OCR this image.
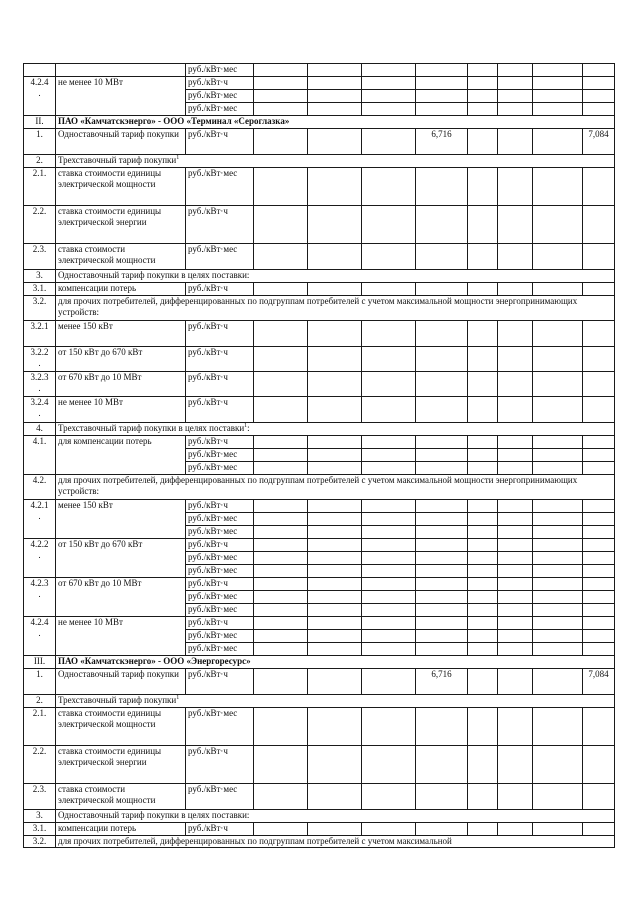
		руб./кВт·мес								
4.2.4
.	не менее 10 МВт	руб./кВт·ч								
		руб./кВт·мес								
		руб./кВт·мес								
II.	ПАО «Камчатскэнерго» - ООО «Терминал «Сероглазка»									
1.	Одноставочный тариф покупки	руб./кВт·ч				6,716				7,084
2.	Трехставочный тариф покупки$^1$
2.1.	ставка стоимости единицы электрической мощности	руб./кВт·мес								
2.2.	ставка стоимости единицы электрической энергии	руб./кВт·ч								
2.3.	ставка стоимости электрической мощности	руб./кВт·мес								
3.	Одноставочный тариф покупки в целях поставки:									
3.1.	компенсации потерь	руб./кВт·ч								
3.2.	для прочих потребителей, дифференцированных по подгруппам потребителей с учетом максимальной мощности энергопринимающих устройств:									
3.2.1	менее 150 кВт	руб./кВт·ч								
3.2.2
.	от 150 кВт до 670 кВт	руб./кВт·ч								
3.2.3
.	от 670 кВт до 10 МВт	руб./кВт·ч								
3.2.4
.	не менее 10 МВт	руб./кВт·ч								
4.	Трехставочный тариф покупки в целях поставки$^1$:									
4.1.	для компенсации потерь	руб./кВт·ч								
		руб./кВт·мес								
		руб./кВт·мес								
4.2.	для прочих потребителей, дифференцированных по подгруппам потребителей с учетом максимальной мощности энергопринимающих устройств:									
4.2.1
.	менее 150 кВт	руб./кВт·ч								
		руб./кВт·мес								
		руб./кВт·мес								
4.2.2
.	от 150 кВт до 670 кВт	руб./кВт·ч								
		руб./кВт·мес								
		руб./кВт·мес								
4.2.3
.	от 670 кВт до 10 МВт	руб./кВт·ч								
		руб./кВт·мес								
		руб./кВт·мес								
4.2.4
.	не менее 10 МВт	руб./кВт·ч								
		руб./кВт·мес								
		руб./кВт·мес								
III.	ПАО «Камчатскэнерго» - ООО «Энергоресурс»									
1.	Одноставочный тариф покупки	руб./кВт·ч				6,716				7,084
2.	Трехставочный тариф покупки$^1$
2.1.	ставка стоимости единицы электрической мощности	руб./кВт·мес								
2.2.	ставка стоимости единицы электрической энергии	руб./кВт·ч								
2.3.	ставка стоимости электрической мощности	руб./кВт·мес								
3.	Одноставочный тариф покупки в целях поставки:									
3.1.	компенсации потерь	руб./кВт·ч								
3.2.	для прочих потребителей, дифференцированных по подгруппам потребителей с учетом максимальной									
